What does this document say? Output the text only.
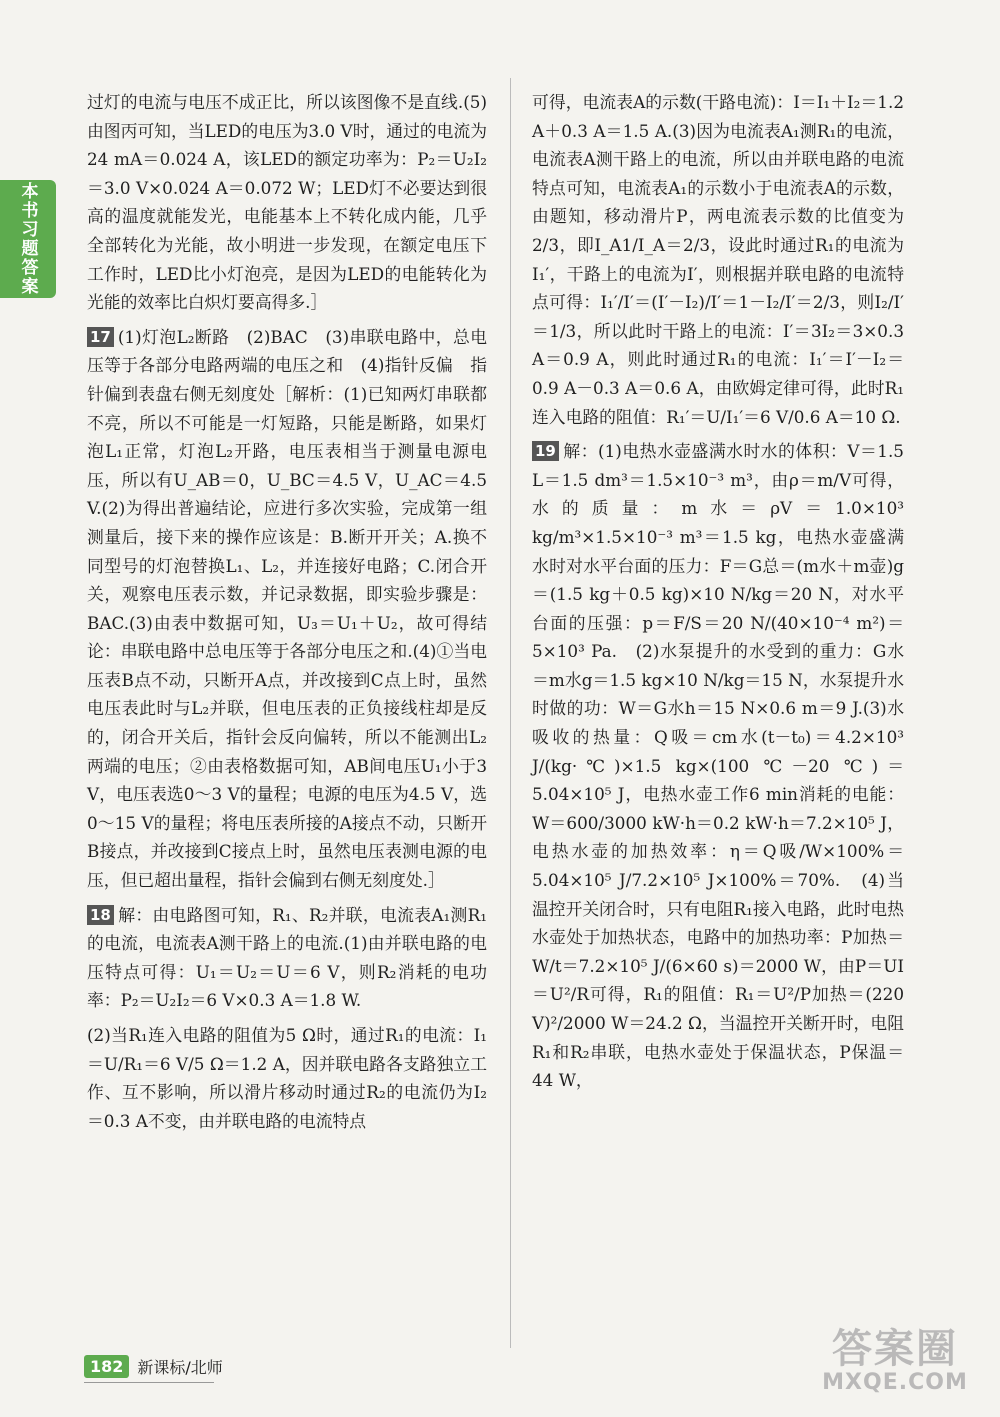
本书习题答案

过灯的电流与电压不成正比，所以该图像不是直线.(5)由图丙可知，当LED的电压为3.0 V时，通过的电流为24 mA＝0.024 A，该LED的额定功率为：P₂＝U₂I₂＝3.0 V×0.024 A＝0.072 W；LED灯不必要达到很高的温度就能发光，电能基本上不转化成内能，几乎全部转化为光能，故小明进一步发现，在额定电压下工作时，LED比小灯泡亮，是因为LED的电能转化为光能的效率比白炽灯要高得多.］

17 (1)灯泡L₂断路　(2)BAC　(3)串联电路中，总电压等于各部分电路两端的电压之和　(4)指针反偏　指针偏到表盘右侧无刻度处［解析：(1)已知两灯串联都不亮，所以不可能是一灯短路，只能是断路，如果灯泡L₁正常，灯泡L₂开路，电压表相当于测量电源电压，所以有U_AB＝0，U_BC＝4.5 V，U_AC＝4.5 V.(2)为得出普遍结论，应进行多次实验，完成第一组测量后，接下来的操作应该是：B.断开开关；A.换不同型号的灯泡替换L₁、L₂，并连接好电路；C.闭合开关，观察电压表示数，并记录数据，即实验步骤是：BAC.(3)由表中数据可知，U₃＝U₁＋U₂，故可得结论：串联电路中总电压等于各部分电压之和.(4)①当电压表B点不动，只断开A点，并改接到C点上时，虽然电压表此时与L₂并联，但电压表的正负接线柱却是反的，闭合开关后，指针会反向偏转，所以不能测出L₂两端的电压；②由表格数据可知，AB间电压U₁小于3 V，电压表选0～3 V的量程；电源的电压为4.5 V，选0～15 V的量程；将电压表所接的A接点不动，只断开B接点，并改接到C接点上时，虽然电压表测电源的电压，但已超出量程，指针会偏到右侧无刻度处.］

18 解：由电路图可知，R₁、R₂并联，电流表A₁测R₁的电流，电流表A测干路上的电流.(1)由并联电路的电压特点可得：U₁＝U₂＝U＝6 V，则R₂消耗的电功率：P₂＝U₂I₂＝6 V×0.3 A＝1.8 W.

(2)当R₁连入电路的阻值为5 Ω时，通过R₁的电流：I₁＝U/R₁＝6 V/5 Ω＝1.2 A，因并联电路各支路独立工作、互不影响，所以滑片移动时通过R₂的电流仍为I₂＝0.3 A不变，由并联电路的电流特点

可得，电流表A的示数(干路电流)：I＝I₁＋I₂＝1.2 A＋0.3 A＝1.5 A.(3)因为电流表A₁测R₁的电流，电流表A测干路上的电流，所以由并联电路的电流特点可知，电流表A₁的示数小于电流表A的示数，由题知，移动滑片P，两电流表示数的比值变为2/3，即I_A1/I_A＝2/3，设此时通过R₁的电流为I₁′，干路上的电流为I′，则根据并联电路的电流特点可得：I₁′/I′＝(I′－I₂)/I′＝1－I₂/I′＝2/3，则I₂/I′＝1/3，所以此时干路上的电流：I′＝3I₂＝3×0.3 A＝0.9 A，则此时通过R₁的电流：I₁′＝I′－I₂＝0.9 A－0.3 A＝0.6 A，由欧姆定律可得，此时R₁连入电路的阻值：R₁′＝U/I₁′＝6 V/0.6 A＝10 Ω.

19 解：(1)电热水壶盛满水时水的体积：V＝1.5 L＝1.5 dm³＝1.5×10⁻³ m³，由ρ＝m/V可得，水的质量：m水＝ρV＝1.0×10³ kg/m³×1.5×10⁻³ m³＝1.5 kg，电热水壶盛满水时对水平台面的压力：F＝G总＝(m水＋m壶)g＝(1.5 kg＋0.5 kg)×10 N/kg＝20 N，对水平台面的压强：p＝F/S＝20 N/(40×10⁻⁴ m²)＝5×10³ Pa.　(2)水泵提升的水受到的重力：G水＝m水g＝1.5 kg×10 N/kg＝15 N，水泵提升水时做的功：W＝G水h＝15 N×0.6 m＝9 J.(3)水吸收的热量：Q吸＝cm水(t－t₀)＝4.2×10³ J/(kg·℃)×1.5 kg×(100 ℃－20 ℃)＝5.04×10⁵ J，电热水壶工作6 min消耗的电能：W＝600/3000 kW·h＝0.2 kW·h＝7.2×10⁵ J，电热水壶的加热效率：η＝Q吸/W×100%＝5.04×10⁵ J/7.2×10⁵ J×100%＝70%.　(4)当温控开关闭合时，只有电阻R₁接入电路，此时电热水壶处于加热状态，电路中的加热功率：P加热＝W/t＝7.2×10⁵ J/(6×60 s)＝2000 W，由P＝UI＝U²/R可得，R₁的阻值：R₁＝U²/P加热＝(220 V)²/2000 W＝24.2 Ω，当温控开关断开时，电阻R₁和R₂串联，电热水壶处于保温状态，P保温＝44 W，

182 新课标/北师	答案圈
MXQE.COM
